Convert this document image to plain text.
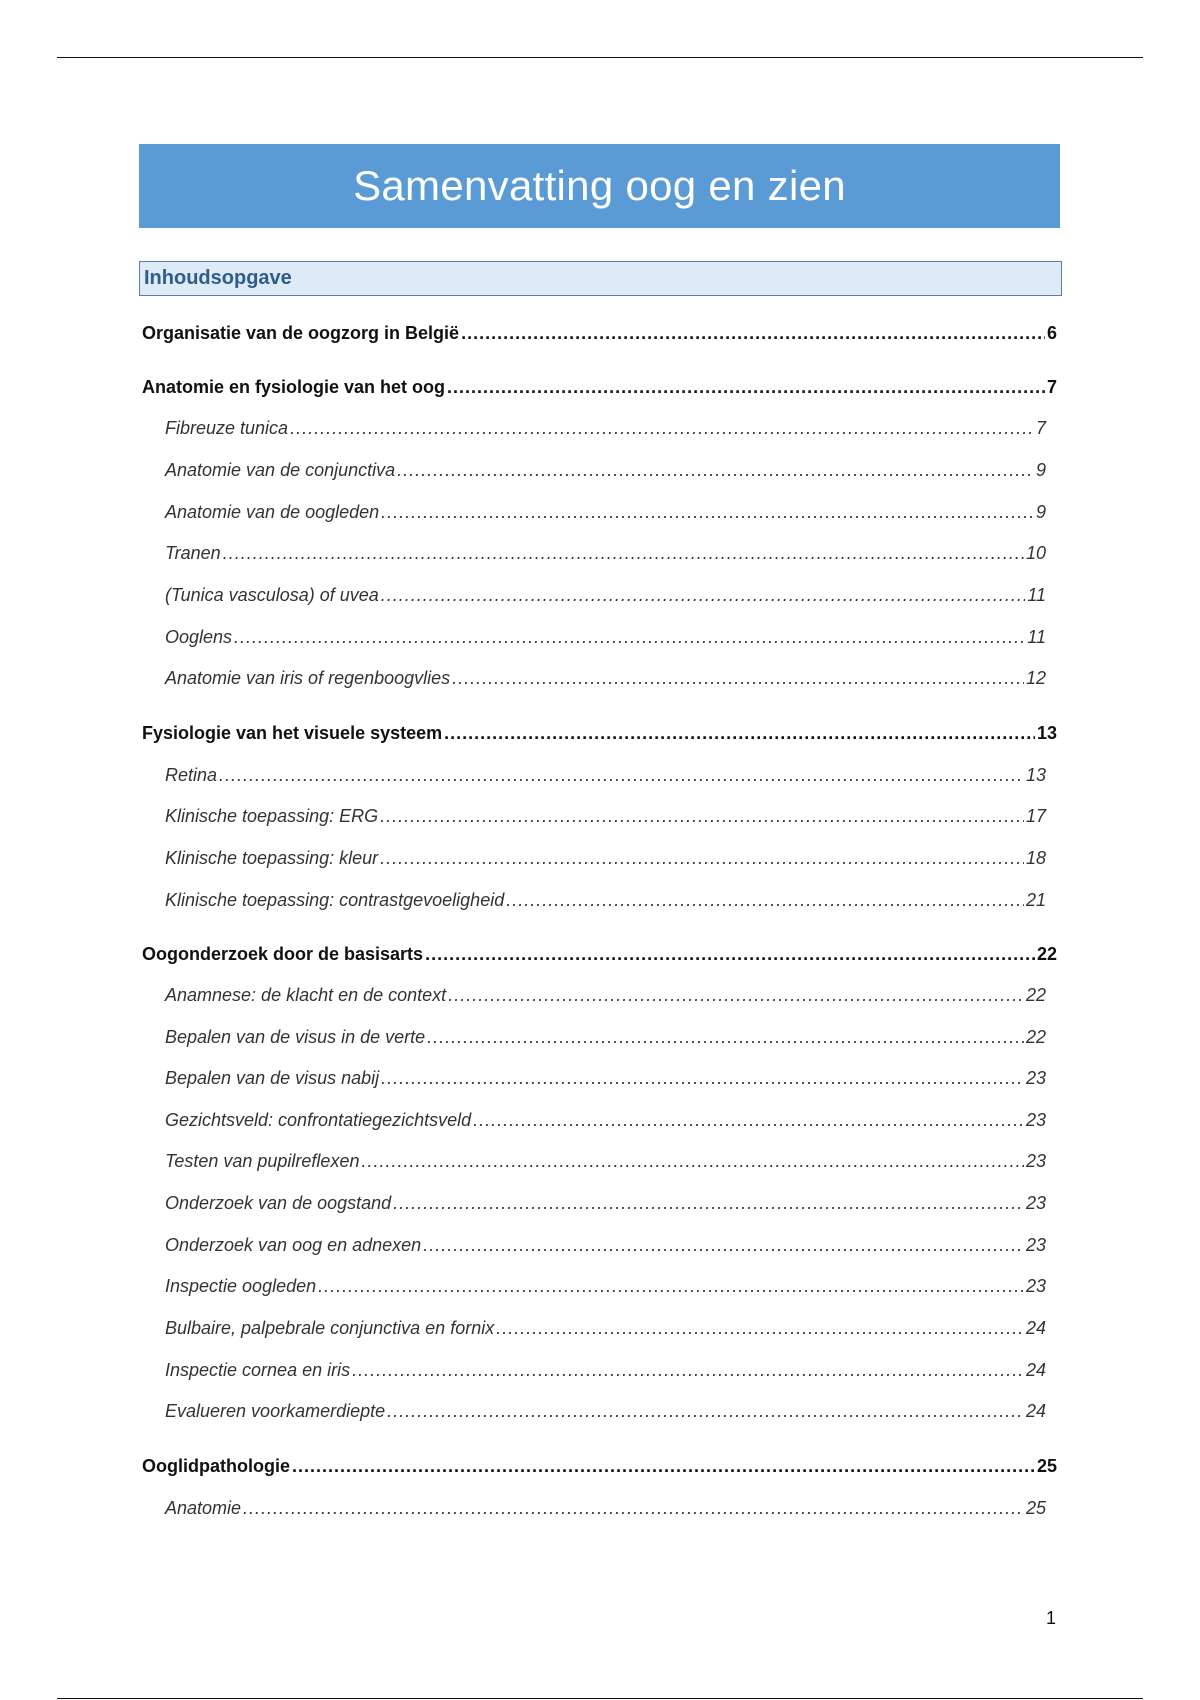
Samenvatting oog en zien
Inhoudsopgave
Organisatie van de oogzorg in België .....	6
Anatomie en fysiologie van het oog .....	7
Fibreuze tunica .....	7
Anatomie van de conjunctiva .....	9
Anatomie van de oogleden .....	9
Tranen .....	10
(Tunica vasculosa) of uvea .....	11
Ooglens .....	11
Anatomie van iris of regenboogvlies .....	12
Fysiologie van het visuele systeem .....	13
Retina .....	13
Klinische toepassing: ERG .....	17
Klinische toepassing: kleur .....	18
Klinische toepassing: contrastgevoeligheid .....	21
Oogonderzoek door de basisarts .....	22
Anamnese: de klacht en de context .....	22
Bepalen van de visus in de verte .....	22
Bepalen van de visus nabij .....	23
Gezichtsveld: confrontatiegezichtsveld .....	23
Testen van pupilreflexen .....	23
Onderzoek van de oogstand .....	23
Onderzoek van oog en adnexen .....	23
Inspectie oogleden .....	23
Bulbaire, palpebrale conjunctiva en fornix .....	24
Inspectie cornea en iris .....	24
Evalueren voorkamerdiepte .....	24
Ooglidpathologie .....	25
Anatomie .....	25
1
